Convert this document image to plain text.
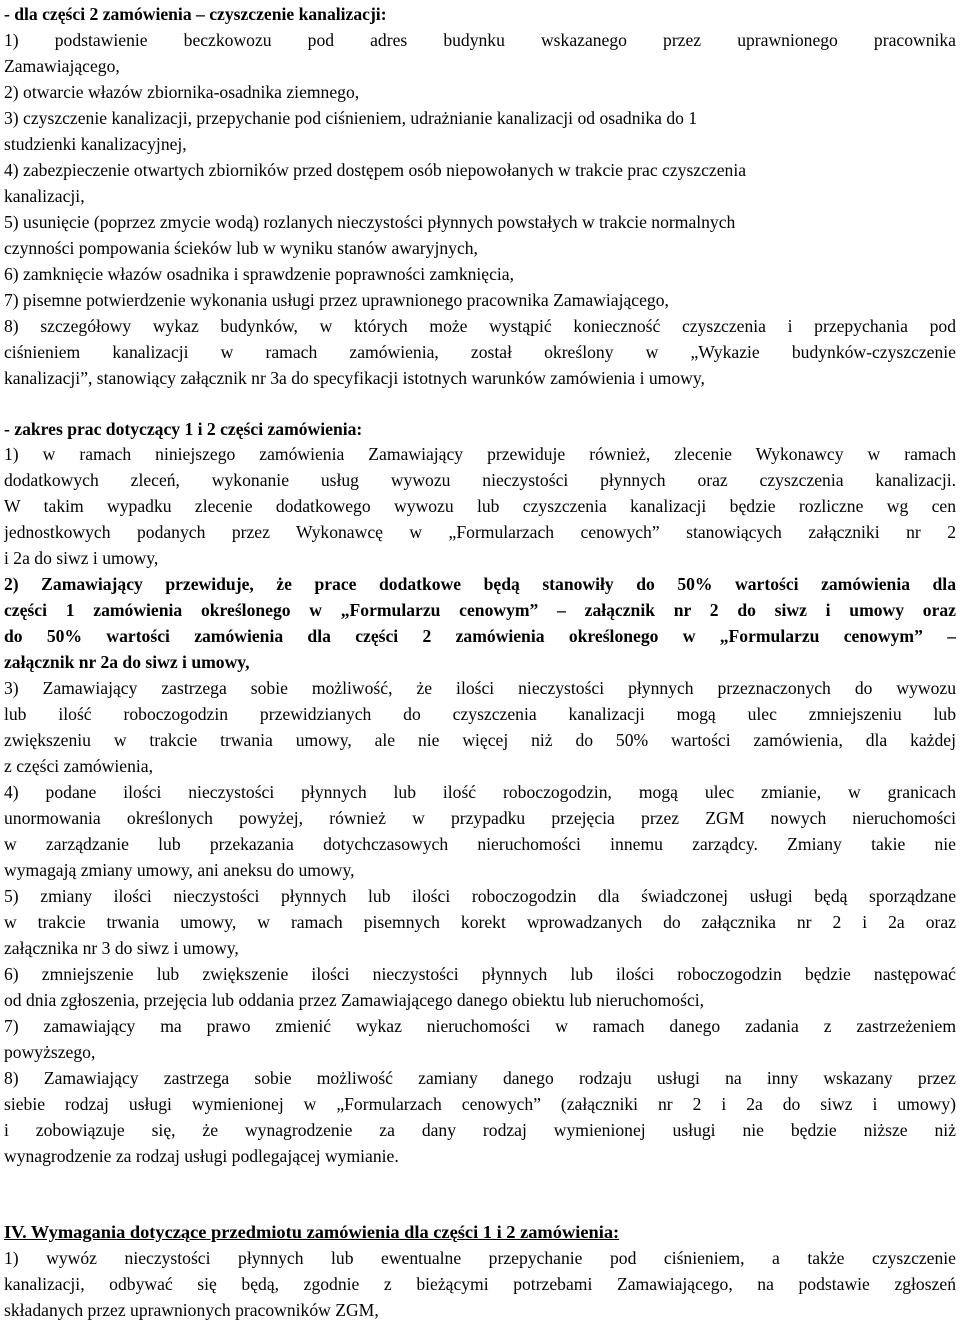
- dla części 2 zamówienia – czyszczenie kanalizacji:

1) podstawienie beczkowozu pod adres budynku wskazanego przez uprawnionego pracownika

Zamawiającego,

2) otwarcie włazów zbiornika-osadnika ziemnego,

3) czyszczenie kanalizacji, przepychanie pod ciśnieniem, udrażnianie kanalizacji od osadnika do 1

studzienki kanalizacyjnej,

4) zabezpieczenie otwartych zbiorników przed dostępem osób niepowołanych w trakcie prac czyszczenia

kanalizacji,

5) usunięcie (poprzez zmycie wodą) rozlanych nieczystości płynnych powstałych w trakcie normalnych

czynności pompowania ścieków lub w wyniku stanów awaryjnych,

6) zamknięcie włazów osadnika i sprawdzenie poprawności zamknięcia,

7) pisemne potwierdzenie wykonania usługi przez uprawnionego pracownika Zamawiającego,

8) szczegółowy wykaz budynków, w których może wystąpić konieczność czyszczenia i przepychania pod

ciśnieniem kanalizacji w ramach zamówienia, został określony w „Wykazie budynków-czyszczenie

kanalizacji”, stanowiący załącznik nr 3a do specyfikacji istotnych warunków zamówienia i umowy,

- zakres prac dotyczący 1 i 2 części zamówienia:

1) w ramach niniejszego zamówienia Zamawiający przewiduje również, zlecenie Wykonawcy w ramach

dodatkowych zleceń, wykonanie usług wywozu nieczystości płynnych oraz czyszczenia kanalizacji.

W takim wypadku zlecenie dodatkowego wywozu lub czyszczenia kanalizacji będzie rozliczne wg cen

jednostkowych podanych przez Wykonawcę w „Formularzach cenowych” stanowiących załączniki nr 2

i 2a do siwz i umowy,

2) Zamawiający przewiduje, że prace dodatkowe będą stanowiły do 50% wartości zamówienia dla

części 1 zamówienia określonego w „Formularzu cenowym” – załącznik nr 2 do siwz i umowy oraz

do 50% wartości zamówienia dla części 2 zamówienia określonego w „Formularzu cenowym” –

załącznik nr 2a do siwz i umowy,

3) Zamawiający zastrzega sobie możliwość, że ilości nieczystości płynnych przeznaczonych do wywozu

lub ilość roboczogodzin przewidzianych do czyszczenia kanalizacji mogą ulec zmniejszeniu lub

zwiększeniu w trakcie trwania umowy, ale nie więcej niż do 50% wartości zamówienia, dla każdej

z części zamówienia,

4) podane ilości nieczystości płynnych lub ilość roboczogodzin, mogą ulec zmianie, w granicach

unormowania określonych powyżej, również w przypadku przejęcia przez ZGM nowych nieruchomości

w zarządzanie lub przekazania dotychczasowych nieruchomości innemu zarządcy. Zmiany takie nie

wymagają zmiany umowy, ani aneksu do umowy,

5) zmiany ilości nieczystości płynnych lub ilości roboczogodzin dla świadczonej usługi będą sporządzane

w trakcie trwania umowy, w ramach pisemnych korekt wprowadzanych do załącznika nr 2 i 2a oraz

załącznika nr 3 do siwz i umowy,

6) zmniejszenie lub zwiększenie ilości nieczystości płynnych lub ilości roboczogodzin będzie następować

od dnia zgłoszenia, przejęcia lub oddania przez Zamawiającego danego obiektu lub nieruchomości,

7) zamawiający ma prawo zmienić wykaz nieruchomości w ramach danego zadania z zastrzeżeniem

powyższego,

8) Zamawiający zastrzega sobie możliwość zamiany danego rodzaju usługi na inny wskazany przez

siebie rodzaj usługi wymienionej w „Formularzach cenowych” (załączniki nr 2 i 2a do siwz i umowy)

i zobowiązuje się, że wynagrodzenie za dany rodzaj wymienionej usługi nie będzie niższe niż

wynagrodzenie za rodzaj usługi podlegającej wymianie.

IV. Wymagania dotyczące przedmiotu zamówienia dla części 1 i 2 zamówienia:

1) wywóz nieczystości płynnych lub ewentualne przepychanie pod ciśnieniem, a także czyszczenie

kanalizacji, odbywać się będą, zgodnie z bieżącymi potrzebami Zamawiającego, na podstawie zgłoszeń

składanych przez uprawnionych pracowników ZGM,
